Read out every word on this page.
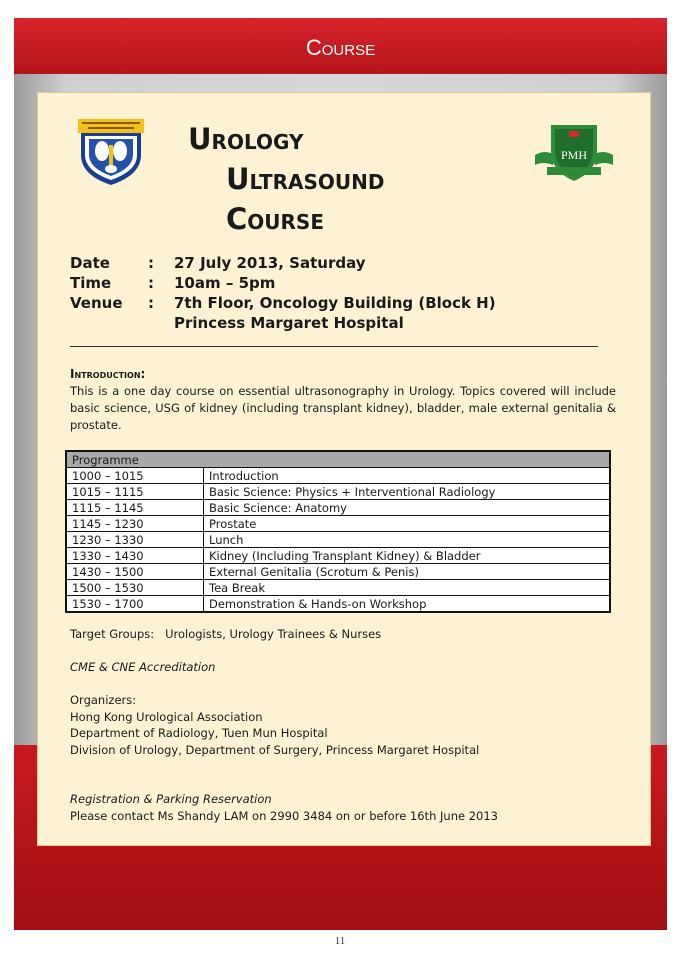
Course
Urology
Ultrasound
Course
PMH
Date	:	27 July 2013, Saturday
Time	:	10am – 5pm
Venue	:	7th Floor, Oncology Building (Block H)
Princess Margaret Hospital
Introduction:
This is a one day course on essential ultrasonography in Urology. Topics covered will include basic science, USG of kidney (including transplant kidney), bladder, male external genitalia & prostate.
Programme	
1000 – 1015	Introduction
1015 – 1115	Basic Science: Physics + Interventional Radiology
1115 – 1145	Basic Science: Anatomy
1145 – 1230	Prostate
1230 – 1330	Lunch
1330 – 1430	Kidney (Including Transplant Kidney) & Bladder
1430 – 1500	External Genitalia (Scrotum & Penis)
1500 – 1530	Tea Break
1530 – 1700	Demonstration & Hands-on Workshop
Target Groups: Urologists, Urology Trainees & Nurses
CME & CNE Accreditation
Organizers:
Hong Kong Urological Association
Department of Radiology, Tuen Mun Hospital
Division of Urology, Department of Surgery, Princess Margaret Hospital
Registration & Parking Reservation
Please contact Ms Shandy LAM on 2990 3484 on or before 16th June 2013
11
